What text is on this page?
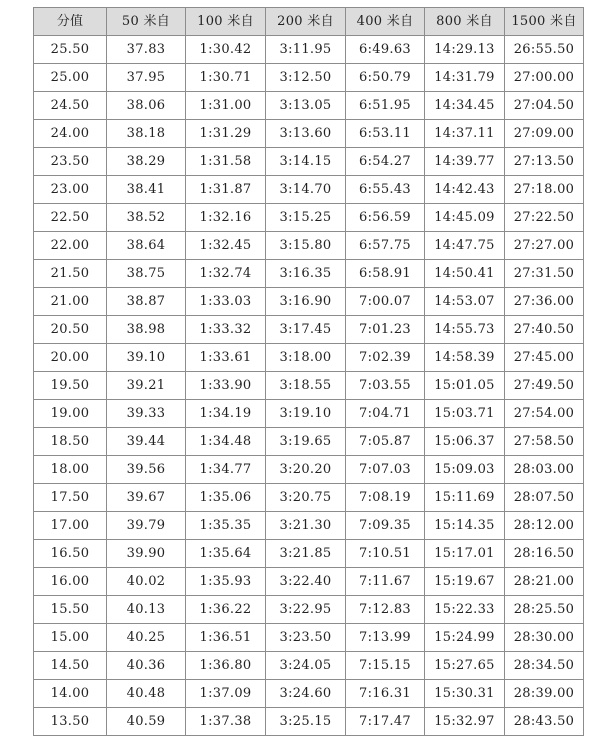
分值	50 米自	100 米自	200 米自	400 米自	800 米自	1500 米自
25.50	37.83	1:30.42	3:11.95	6:49.63	14:29.13	26:55.50
25.00	37.95	1:30.71	3:12.50	6:50.79	14:31.79	27:00.00
24.50	38.06	1:31.00	3:13.05	6:51.95	14:34.45	27:04.50
24.00	38.18	1:31.29	3:13.60	6:53.11	14:37.11	27:09.00
23.50	38.29	1:31.58	3:14.15	6:54.27	14:39.77	27:13.50
23.00	38.41	1:31.87	3:14.70	6:55.43	14:42.43	27:18.00
22.50	38.52	1:32.16	3:15.25	6:56.59	14:45.09	27:22.50
22.00	38.64	1:32.45	3:15.80	6:57.75	14:47.75	27:27.00
21.50	38.75	1:32.74	3:16.35	6:58.91	14:50.41	27:31.50
21.00	38.87	1:33.03	3:16.90	7:00.07	14:53.07	27:36.00
20.50	38.98	1:33.32	3:17.45	7:01.23	14:55.73	27:40.50
20.00	39.10	1:33.61	3:18.00	7:02.39	14:58.39	27:45.00
19.50	39.21	1:33.90	3:18.55	7:03.55	15:01.05	27:49.50
19.00	39.33	1:34.19	3:19.10	7:04.71	15:03.71	27:54.00
18.50	39.44	1:34.48	3:19.65	7:05.87	15:06.37	27:58.50
18.00	39.56	1:34.77	3:20.20	7:07.03	15:09.03	28:03.00
17.50	39.67	1:35.06	3:20.75	7:08.19	15:11.69	28:07.50
17.00	39.79	1:35.35	3:21.30	7:09.35	15:14.35	28:12.00
16.50	39.90	1:35.64	3:21.85	7:10.51	15:17.01	28:16.50
16.00	40.02	1:35.93	3:22.40	7:11.67	15:19.67	28:21.00
15.50	40.13	1:36.22	3:22.95	7:12.83	15:22.33	28:25.50
15.00	40.25	1:36.51	3:23.50	7:13.99	15:24.99	28:30.00
14.50	40.36	1:36.80	3:24.05	7:15.15	15:27.65	28:34.50
14.00	40.48	1:37.09	3:24.60	7:16.31	15:30.31	28:39.00
13.50	40.59	1:37.38	3:25.15	7:17.47	15:32.97	28:43.50
